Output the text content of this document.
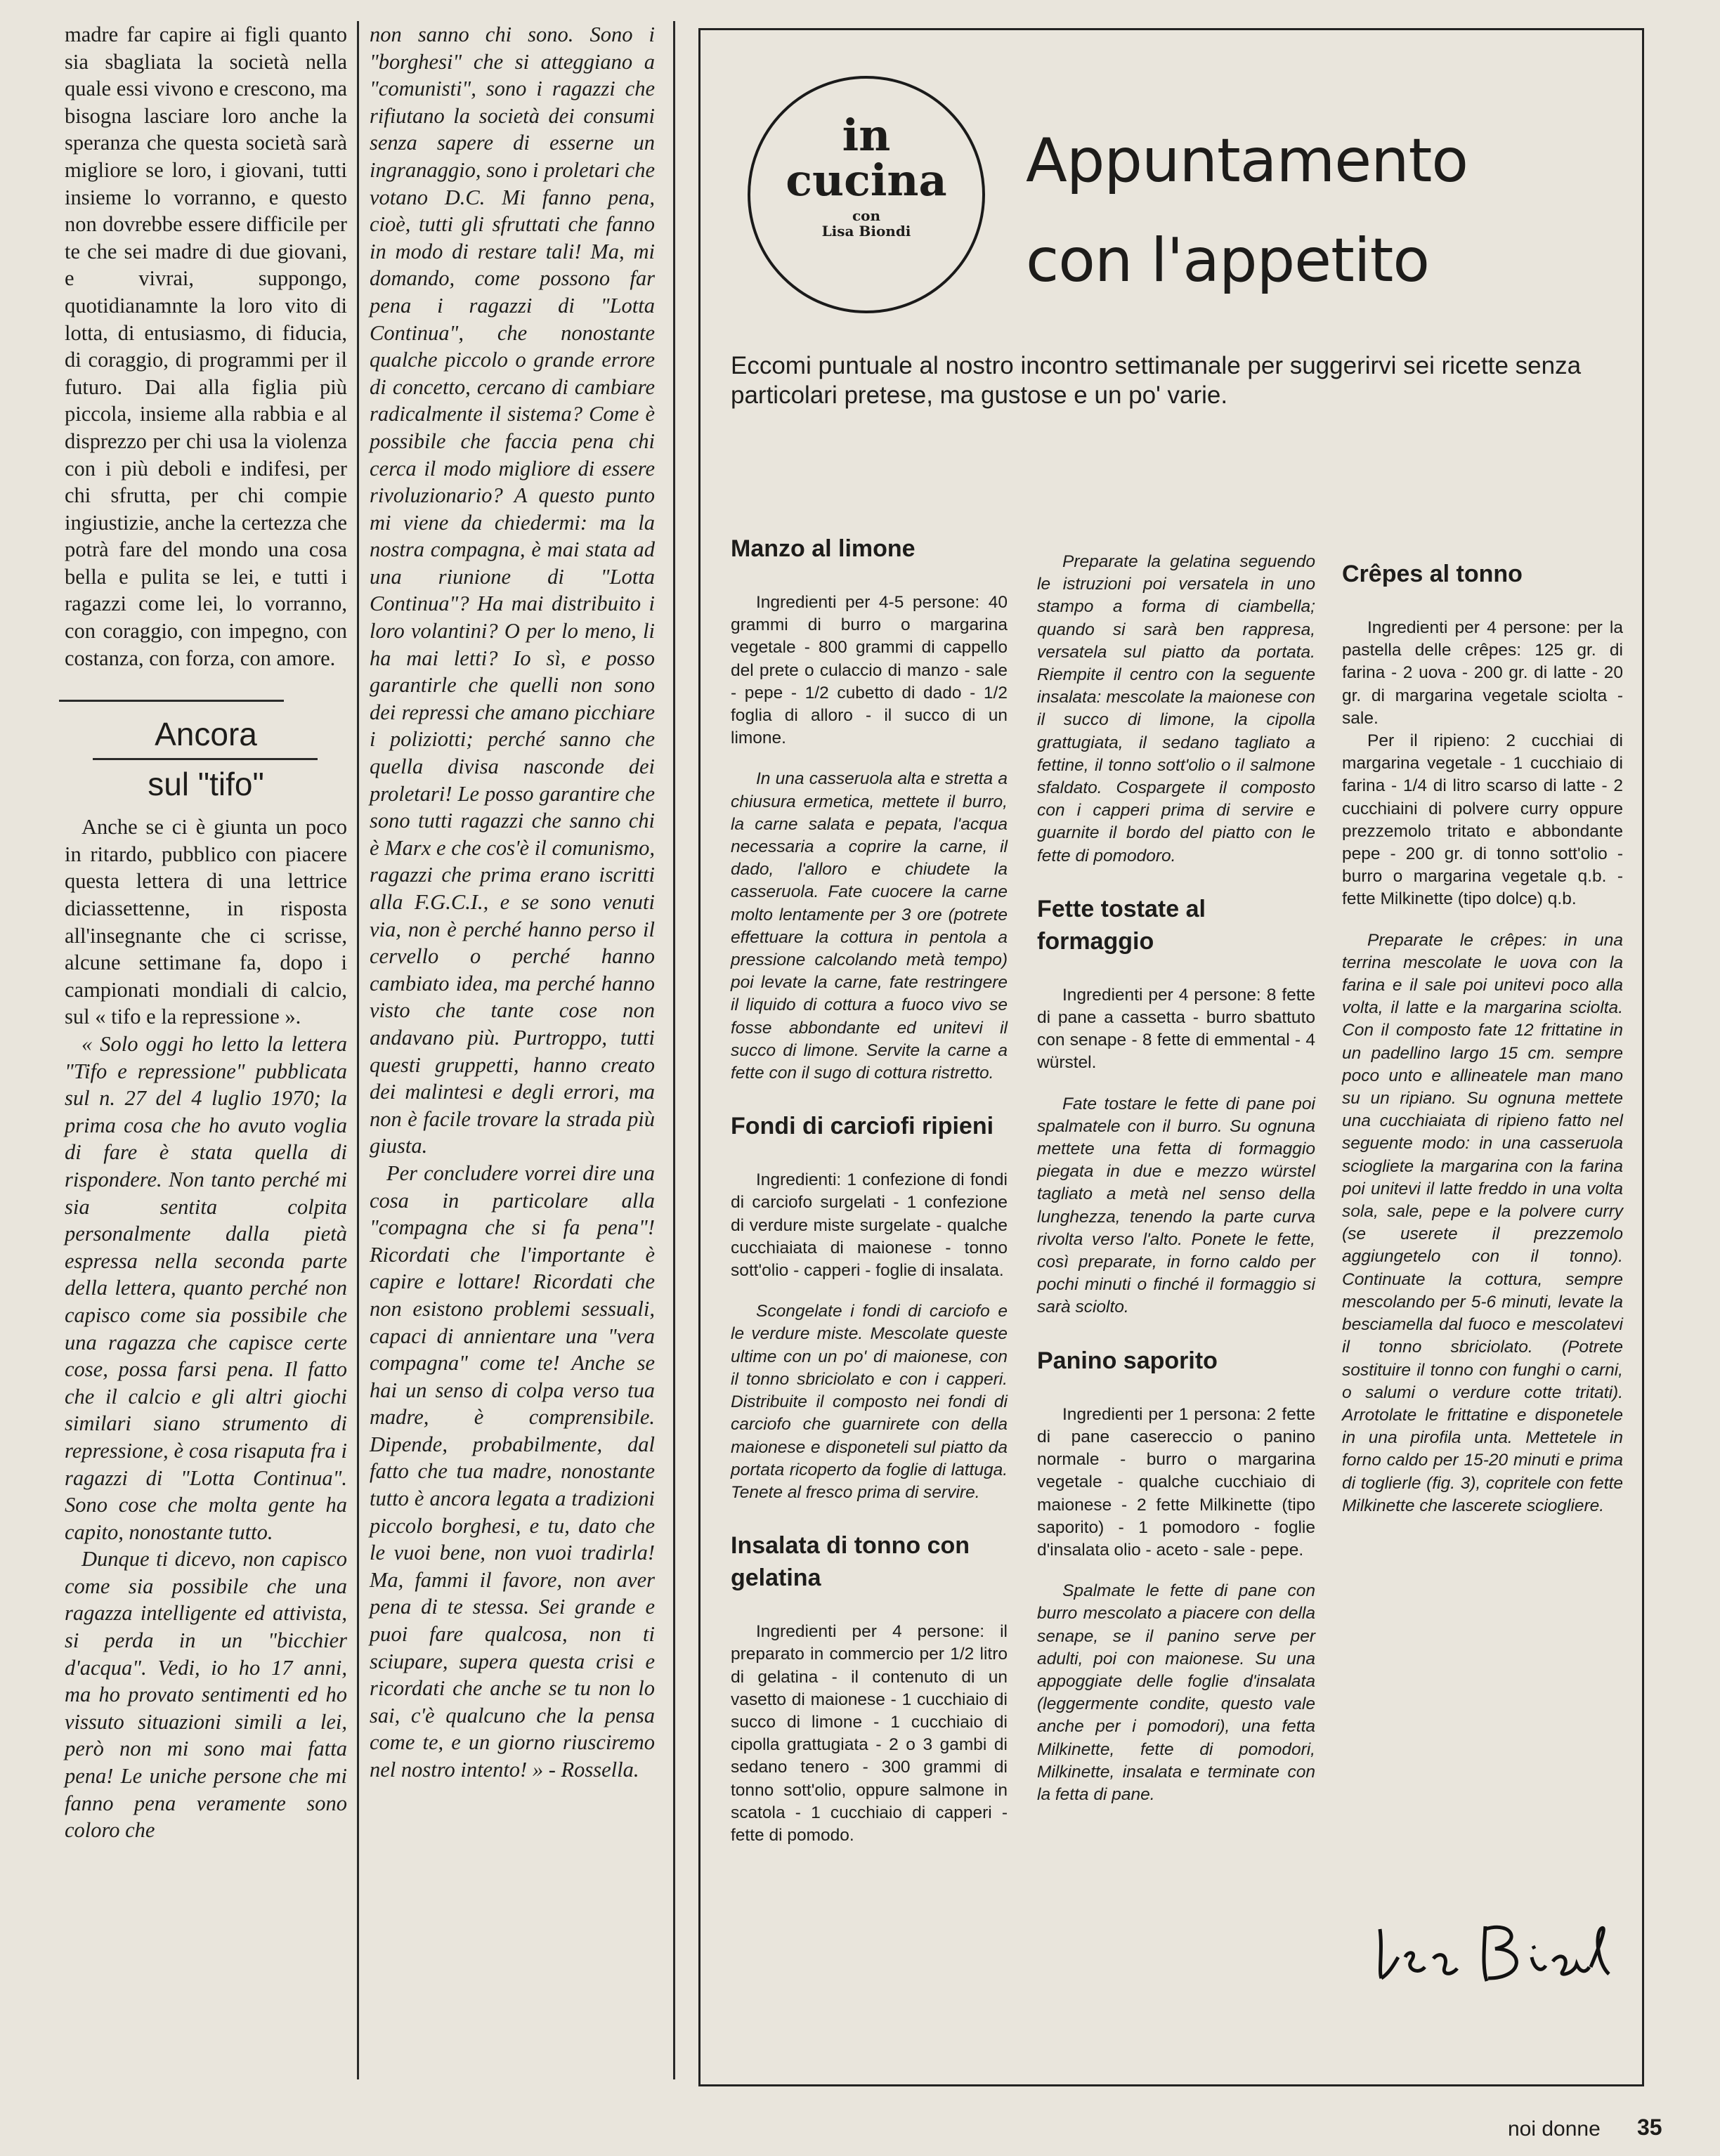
madre far capire ai figli quanto sia sbagliata la società nella quale essi vivono e crescono, ma bisogna lasciare loro anche la speranza che questa società sarà migliore se loro, i giovani, tutti insieme lo vorranno, e questo non dovrebbe essere difficile per te che sei madre di due giovani, e vivrai, suppongo, quotidianamnte la loro vito di lotta, di entusiasmo, di fiducia, di coraggio, di programmi per il futuro. Dai alla figlia più piccola, insieme alla rabbia e al disprezzo per chi usa la violenza con i più deboli e indifesi, per chi sfrutta, per chi compie ingiustizie, anche la certezza che potrà fare del mondo una cosa bella e pulita se lei, e tutti i ragazzi come lei, lo vorranno, con coraggio, con impegno, con costanza, con forza, con amore.

Ancora
sul "tifo"

Anche se ci è giunta un poco in ritardo, pubblico con piacere questa lettera di una lettrice diciassettenne, in risposta all'insegnante che ci scrisse, alcune settimane fa, dopo i campionati mondiali di calcio, sul « tifo e la repressione ».

« Solo oggi ho letto la lettera "Tifo e repressione" pubblicata sul n. 27 del 4 luglio 1970; la prima cosa che ho avuto voglia di fare è stata quella di rispondere. Non tanto perché mi sia sentita colpita personalmente dalla pietà espressa nella seconda parte della lettera, quanto perché non capisco come sia possibile che una ragazza che capisce certe cose, possa farsi pena. Il fatto che il calcio e gli altri giochi similari siano strumento di repressione, è cosa risaputa fra i ragazzi di "Lotta Continua". Sono cose che molta gente ha capito, nonostante tutto.

Dunque ti dicevo, non capisco come sia possibile che una ragazza intelligente ed attivista, si perda in un "bicchier d'acqua". Vedi, io ho 17 anni, ma ho provato sentimenti ed ho vissuto situazioni simili a lei, però non mi sono mai fatta pena! Le uniche persone che mi fanno pena veramente sono coloro che

non sanno chi sono. Sono i "borghesi" che si atteggiano a "comunisti", sono i ragazzi che rifiutano la società dei consumi senza sapere di esserne un ingranaggio, sono i proletari che votano D.C. Mi fanno pena, cioè, tutti gli sfruttati che fanno in modo di restare tali! Ma, mi domando, come possono far pena i ragazzi di "Lotta Continua", che nonostante qualche piccolo o grande errore di concetto, cercano di cambiare radicalmente il sistema? Come è possibile che faccia pena chi cerca il modo migliore di essere rivoluzionario? A questo punto mi viene da chiedermi: ma la nostra compagna, è mai stata ad una riunione di "Lotta Continua"? Ha mai distribuito i loro volantini? O per lo meno, li ha mai letti? Io sì, e posso garantirle che quelli non sono dei repressi che amano picchiare i poliziotti; perché sanno che quella divisa nasconde dei proletari! Le posso garantire che sono tutti ragazzi che sanno chi è Marx e che cos'è il comunismo, ragazzi che prima erano iscritti alla F.G.C.I., e se sono venuti via, non è perché hanno perso il cervello o perché hanno cambiato idea, ma perché hanno visto che tante cose non andavano più. Purtroppo, tutti questi gruppetti, hanno creato dei malintesi e degli errori, ma non è facile trovare la strada più giusta.

Per concludere vorrei dire una cosa in particolare alla "compagna che si fa pena"! Ricordati che l'importante è capire e lottare! Ricordati che non esistono problemi sessuali, capaci di annientare una "vera compagna" come te! Anche se hai un senso di colpa verso tua madre, è comprensibile. Dipende, probabilmente, dal fatto che tua madre, nonostante tutto è ancora legata a tradizioni piccolo borghesi, e tu, dato che le vuoi bene, non vuoi tradirla! Ma, fammi il favore, non aver pena di te stessa. Sei grande e puoi fare qualcosa, non ti sciupare, supera questa crisi e ricordati che anche se tu non lo sai, c'è qualcuno che la pensa come te, e un giorno riusciremo nel nostro intento! » - Rossella.

in
cucina
con
Lisa Biondi
Appuntamento
con l'appetito
Eccomi puntuale al nostro incontro settimanale per suggerirvi sei ricette senza particolari pretese, ma gustose e un po' varie.
Manzo al limone

Ingredienti per 4-5 persone: 40 grammi di burro o margarina vegetale - 800 grammi di cappello del prete o culaccio di manzo - sale - pepe - 1/2 cubetto di dado - 1/2 foglia di alloro - il succo di un limone.

In una casseruola alta e stretta a chiusura ermetica, mettete il burro, la carne salata e pepata, l'acqua necessaria a coprire la carne, il dado, l'alloro e chiudete la casseruola. Fate cuocere la carne molto lentamente per 3 ore (potrete effettuare la cottura in pentola a pressione calcolando metà tempo) poi levate la carne, fate restringere il liquido di cottura a fuoco vivo se fosse abbondante ed unitevi il succo di limone. Servite la carne a fette con il sugo di cottura ristretto.

Fondi di carciofi ripieni

Ingredienti: 1 confezione di fondi di carciofo surgelati - 1 confezione di verdure miste surgelate - qualche cucchiaiata di maionese - tonno sott'olio - capperi - foglie di insalata.

Scongelate i fondi di carciofo e le verdure miste. Mescolate queste ultime con un po' di maionese, con il tonno sbriciolato e con i capperi. Distribuite il composto nei fondi di carciofo che guarnirete con della maionese e disponeteli sul piatto da portata ricoperto da foglie di lattuga. Tenete al fresco prima di servire.

Insalata di tonno con gelatina

Ingredienti per 4 persone: il preparato in commercio per 1/2 litro di gelatina - il contenuto di un vasetto di maionese - 1 cucchiaio di succo di limone - 1 cucchiaio di cipolla grattugiata - 2 o 3 gambi di sedano tenero - 300 grammi di tonno sott'olio, oppure salmone in scatola - 1 cucchiaio di capperi - fette di pomodo.

Preparate la gelatina seguendo le istruzioni poi versatela in uno stampo a forma di ciambella; quando si sarà ben rappresa, versatela sul piatto da portata. Riempite il centro con la seguente insalata: mescolate la maionese con il succo di limone, la cipolla grattugiata, il sedano tagliato a fettine, il tonno sott'olio o il salmone sfaldato. Cospargete il composto con i capperi prima di servire e guarnite il bordo del piatto con le fette di pomodoro.

Fette tostate al formaggio

Ingredienti per 4 persone: 8 fette di pane a cassetta - burro sbattuto con senape - 8 fette di emmental - 4 würstel.

Fate tostare le fette di pane poi spalmatele con il burro. Su ognuna mettete una fetta di formaggio piegata in due e mezzo würstel tagliato a metà nel senso della lunghezza, tenendo la parte curva rivolta verso l'alto. Ponete le fette, così preparate, in forno caldo per pochi minuti o finché il formaggio si sarà sciolto.

Panino saporito

Ingredienti per 1 persona: 2 fette di pane casereccio o panino normale - burro o margarina vegetale - qualche cucchiaio di maionese - 2 fette Milkinette (tipo saporito) - 1 pomodoro - foglie d'insalata olio - aceto - sale - pepe.

Spalmate le fette di pane con burro mescolato a piacere con della senape, se il panino serve per adulti, poi con maionese. Su una appoggiate delle foglie d'insalata (leggermente condite, questo vale anche per i pomodori), una fetta Milkinette, fette di pomodori, Milkinette, insalata e terminate con la fetta di pane.

Crêpes al tonno

Ingredienti per 4 persone: per la pastella delle crêpes: 125 gr. di farina - 2 uova - 200 gr. di latte - 20 gr. di margarina vegetale sciolta - sale.

Per il ripieno: 2 cucchiai di margarina vegetale - 1 cucchiaio di farina - 1/4 di litro scarso di latte - 2 cucchiaini di polvere curry oppure prezzemolo tritato e abbondante pepe - 200 gr. di tonno sott'olio - burro o margarina vegetale q.b. - fette Milkinette (tipo dolce) q.b.

Preparate le crêpes: in una terrina mescolate le uova con la farina e il sale poi unitevi poco alla volta, il latte e la margarina sciolta. Con il composto fate 12 frittatine in un padellino largo 15 cm. sempre poco unto e allineatele man mano su un ripiano. Su ognuna mettete una cucchiaiata di ripieno fatto nel seguente modo: in una casseruola sciogliete la margarina con la farina poi unitevi il latte freddo in una volta sola, sale, pepe e la polvere curry (se userete il prezzemolo aggiungetelo con il tonno). Continuate la cottura, sempre mescolando per 5-6 minuti, levate la besciamella dal fuoco e mescolatevi il tonno sbriciolato. (Potrete sostituire il tonno con funghi o carni, o salumi o verdure cotte tritati). Arrotolate le frittatine e disponetele in una pirofila unta. Mettetele in forno caldo per 15-20 minuti e prima di toglierle (fig. 3), copritele con fette Milkinette che lascerete sciogliere.

noi donne 35
